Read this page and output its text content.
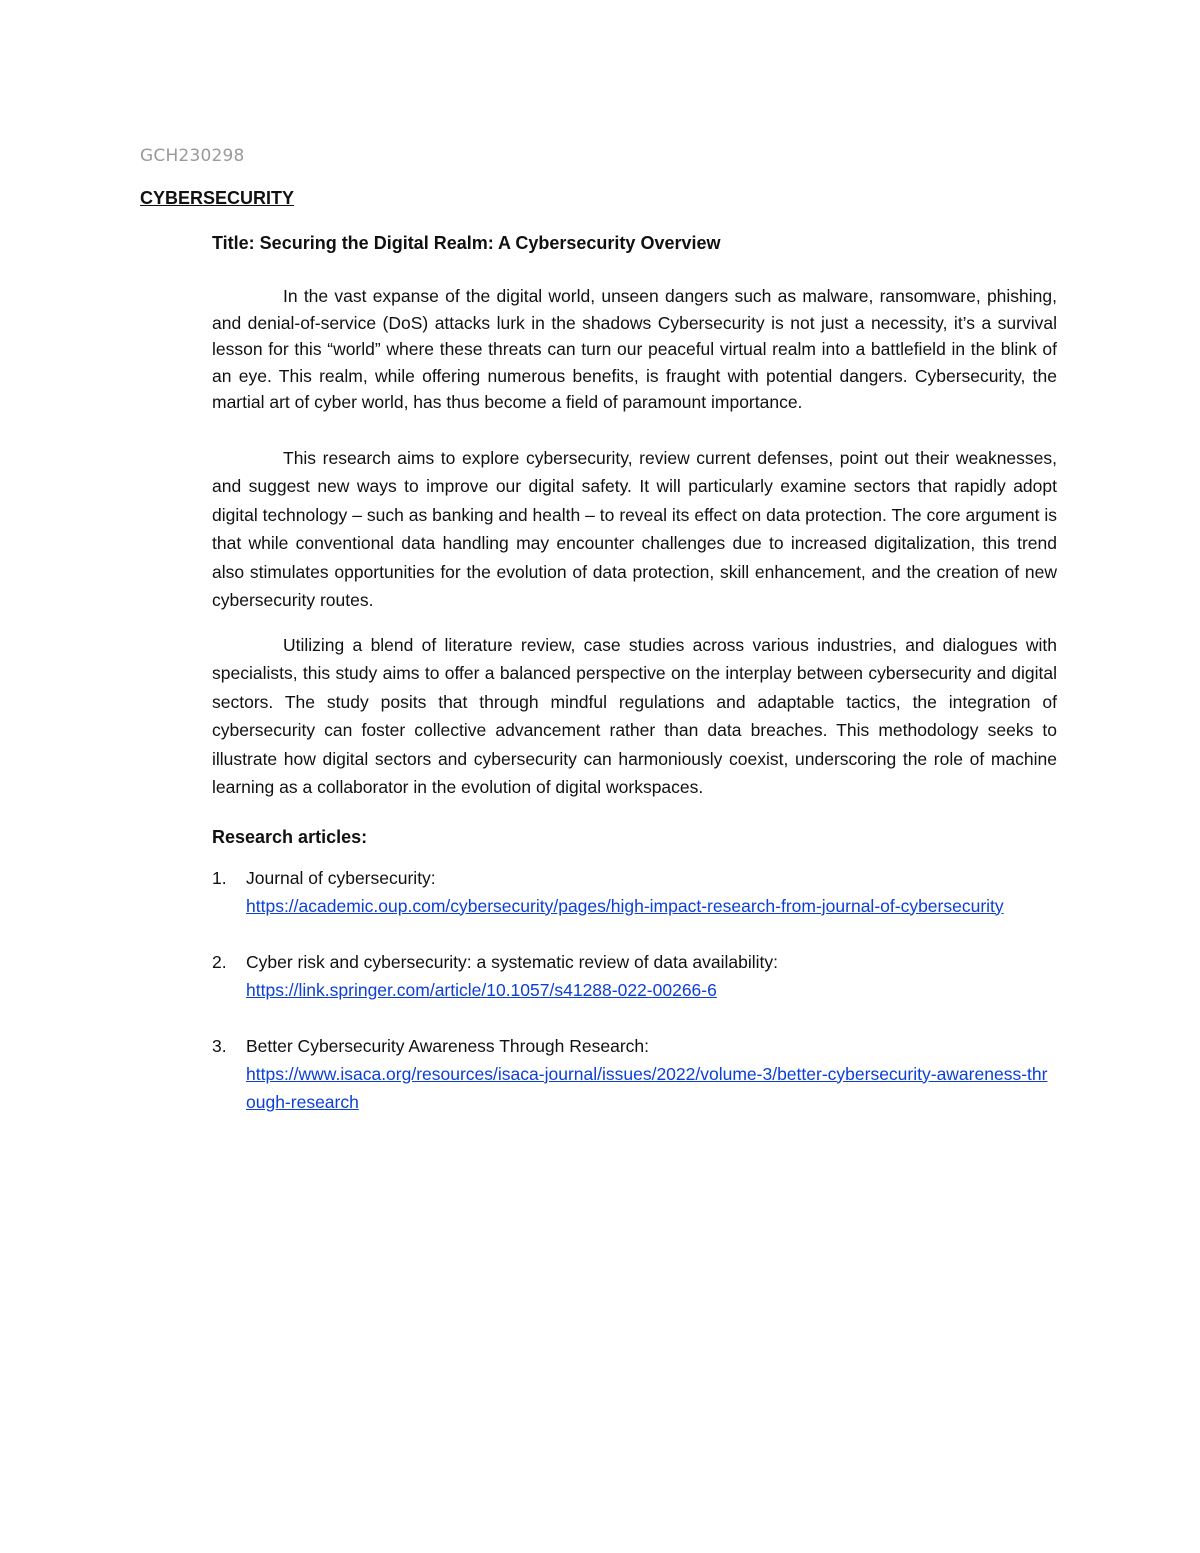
GCH230298
CYBERSECURITY
Title: Securing the Digital Realm: A Cybersecurity Overview

In the vast expanse of the digital world, unseen dangers such as malware, ransomware, phishing, and denial-of-service (DoS) attacks lurk in the shadows Cybersecurity is not just a necessity, it’s a survival lesson for this “world” where these threats can turn our peaceful virtual realm into a battlefield in the blink of an eye. This realm, while offering numerous benefits, is fraught with potential dangers. Cybersecurity, the martial art of cyber world, has thus become a field of paramount importance.

This research aims to explore cybersecurity, review current defenses, point out their weaknesses, and suggest new ways to improve our digital safety. It will particularly examine sectors that rapidly adopt digital technology – such as banking and health – to reveal its effect on data protection. The core argument is that while conventional data handling may encounter challenges due to increased digitalization, this trend also stimulates opportunities for the evolution of data protection, skill enhancement, and the creation of new cybersecurity routes.

Utilizing a blend of literature review, case studies across various industries, and dialogues with specialists, this study aims to offer a balanced perspective on the interplay between cybersecurity and digital sectors. The study posits that through mindful regulations and adaptable tactics, the integration of cybersecurity can foster collective advancement rather than data breaches. This methodology seeks to illustrate how digital sectors and cybersecurity can harmoniously coexist, underscoring the role of machine learning as a collaborator in the evolution of digital workspaces.

Research articles:
1. Journal of cybersecurity:
https://academic.oup.com/cybersecurity/pages/high-impact-research-from-journal-of-cybersecurity
2. Cyber risk and cybersecurity: a systematic review of data availability:
https://link.springer.com/article/10.1057/s41288-022-00266-6
3. Better Cybersecurity Awareness Through Research:
https://www.isaca.org/resources/isaca-journal/issues/2022/volume-3/better-cybersecurity-awareness-through-research
